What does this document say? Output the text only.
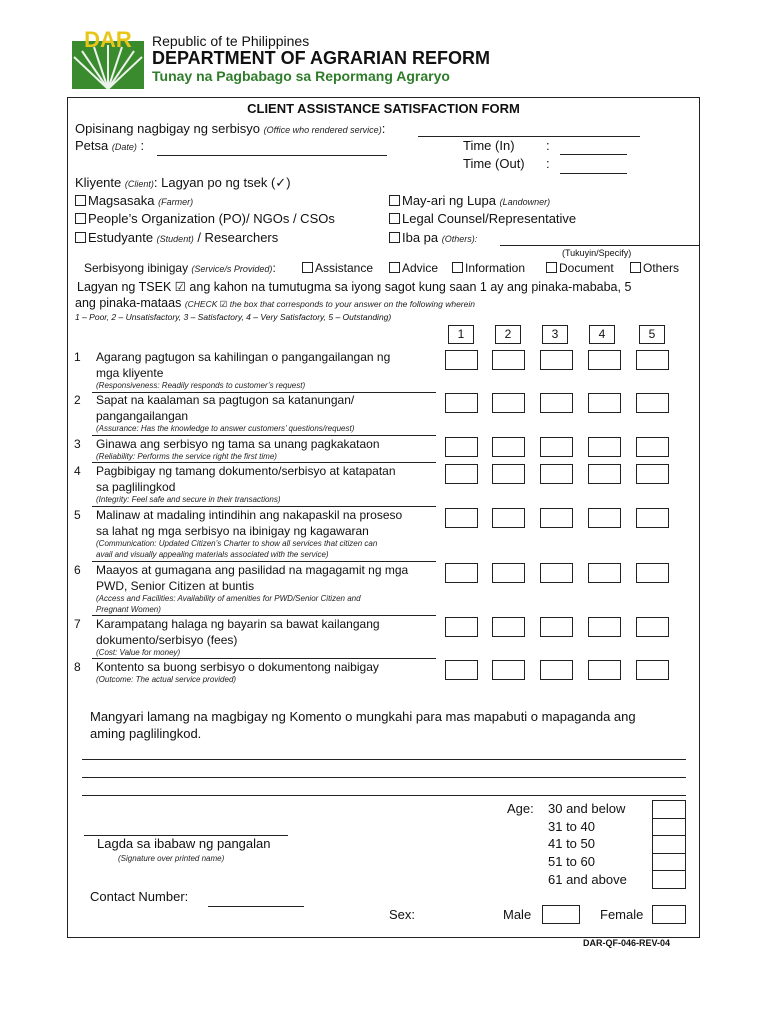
DAR Republic of te Philippines
DEPARTMENT OF AGRARIAN REFORM
Tunay na Pagbabago sa Repormang Agraryo
CLIENT ASSISTANCE SATISFACTION FORM
Opisinang nagbigay ng serbisyo (Office who rendered service):
Petsa (Date) :	Time (In) :
Time (Out) :
Kliyente (Client): Lagyan po ng tsek (✓)
Magsasaka (Farmer)
People’s Organization (PO)/ NGOs / CSOs
Estudyante (Student) / Researchers
May-ari ng Lupa (Landowner)
Legal Counsel/Representative
Iba pa (Others):
(Tukuyin/Specify)
Serbisyong ibinigay (Service/s Provided):	Assistance	Advice	Information	Document	Others
Lagyan ng TSEK ☑ ang kahon na tumutugma sa iyong sagot kung saan 1 ay ang pinaka-mababa, 5
ang pinaka-mataas (CHECK ☑ the box that corresponds to your answer on the following wherein
1 – Poor, 2 – Unsatisfactory, 3 – Satisfactory, 4 – Very Satisfactory, 5 – Outstanding)
1	2	3	4	5
1 Agarang pagtugon sa kahilingan o pangangailangan ng
mga kliyente
(Responsiveness: Readily responds to customer’s request)
2 Sapat na kaalaman sa pagtugon sa katanungan/
pangangailangan
(Assurance: Has the knowledge to answer customers’ questions/request)
3 Ginawa ang serbisyo ng tama sa unang pagkakataon
(Reliability: Performs the service right the first time)
4 Pagbibigay ng tamang dokumento/serbisyo at katapatan
sa paglilingkod
(Integrity: Feel safe and secure in their transactions)
5 Malinaw at madaling intindihin ang nakapaskil na proseso
sa lahat ng mga serbisyo na ibinigay ng kagawaran
(Communication: Updated Citizen’s Charter to show all services that citizen can
avail and visually appealing materials associated with the service)
6 Maayos at gumagana ang pasilidad na magagamit ng mga
PWD, Senior Citizen at buntis
(Access and Facilities: Availability of amenities for PWD/Senior Citizen and
Pregnant Women)
7 Karampatang halaga ng bayarin sa bawat kailangang
dokumento/serbisyo (fees)
(Cost: Value for money)
8 Kontento sa buong serbisyo o dokumentong naibigay
(Outcome: The actual service provided)
Mangyari lamang na magbigay ng Komento o mungkahi para mas mapabuti o mapaganda ang
aming paglilingkod.
Age: 30 and below
31 to 40
41 to 50
51 to 60
61 and above
Lagda sa ibabaw ng pangalan
(Signature over printed name)
Contact Number:
Sex:	Male	Female
DAR-QF-046-REV-04
